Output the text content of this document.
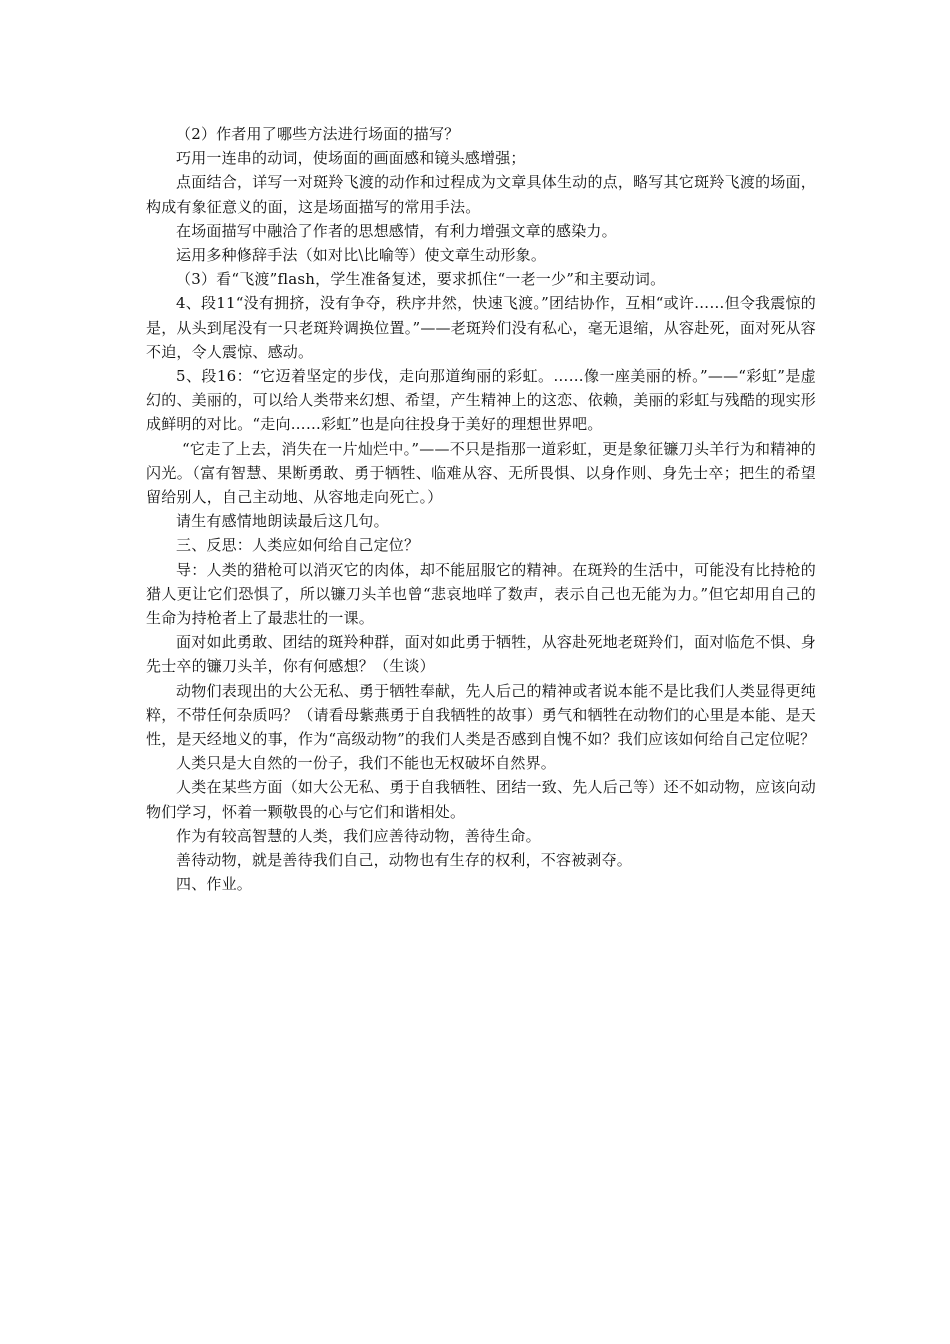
（2）作者用了哪些方法进行场面的描写？

巧用一连串的动词，使场面的画面感和镜头感增强；

点面结合，详写一对斑羚飞渡的动作和过程成为文章具体生动的点，略写其它斑羚飞渡的场面，构成有象征意义的面，这是场面描写的常用手法。

在场面描写中融洽了作者的思想感情，有利力增强文章的感染力。

运用多种修辞手法（如对比\比喻等）使文章生动形象。

（3）看“飞渡”flash，学生准备复述，要求抓住“一老一少”和主要动词。

4、段11“没有拥挤，没有争夺，秩序井然，快速飞渡。”团结协作，互相“或许……但令我震惊的是，从头到尾没有一只老斑羚调换位置。”——老斑羚们没有私心，毫无退缩，从容赴死，面对死从容不迫，令人震惊、感动。

5、段16：“它迈着坚定的步伐，走向那道绚丽的彩虹。……像一座美丽的桥。”——“彩虹”是虚幻的、美丽的，可以给人类带来幻想、希望，产生精神上的这恋、依赖，美丽的彩虹与残酷的现实形成鲜明的对比。“走向……彩虹”也是向往投身于美好的理想世界吧。

“它走了上去，消失在一片灿烂中。”——不只是指那一道彩虹，更是象征镰刀头羊行为和精神的闪光。（富有智慧、果断勇敢、勇于牺牲、临难从容、无所畏惧、以身作则、身先士卒；把生的希望留给别人，自己主动地、从容地走向死亡。）

请生有感情地朗读最后这几句。

三、反思：人类应如何给自己定位？

导：人类的猎枪可以消灭它的肉体，却不能屈服它的精神。在斑羚的生活中，可能没有比持枪的猎人更让它们恐惧了，所以镰刀头羊也曾“悲哀地咩了数声，表示自己也无能为力。”但它却用自己的生命为持枪者上了最悲壮的一课。

面对如此勇敢、团结的斑羚种群，面对如此勇于牺牲，从容赴死地老斑羚们，面对临危不惧、身先士卒的镰刀头羊，你有何感想？（生谈）

动物们表现出的大公无私、勇于牺牲奉献，先人后己的精神或者说本能不是比我们人类显得更纯粹，不带任何杂质吗？（请看母紫燕勇于自我牺牲的故事）勇气和牺牲在动物们的心里是本能、是天性，是天经地义的事，作为“高级动物”的我们人类是否感到自愧不如？我们应该如何给自己定位呢？

人类只是大自然的一份子，我们不能也无权破坏自然界。

人类在某些方面（如大公无私、勇于自我牺牲、团结一致、先人后己等）还不如动物，应该向动物们学习，怀着一颗敬畏的心与它们和谐相处。

作为有较高智慧的人类，我们应善待动物，善待生命。

善待动物，就是善待我们自己，动物也有生存的权利，不容被剥夺。

四、作业。
